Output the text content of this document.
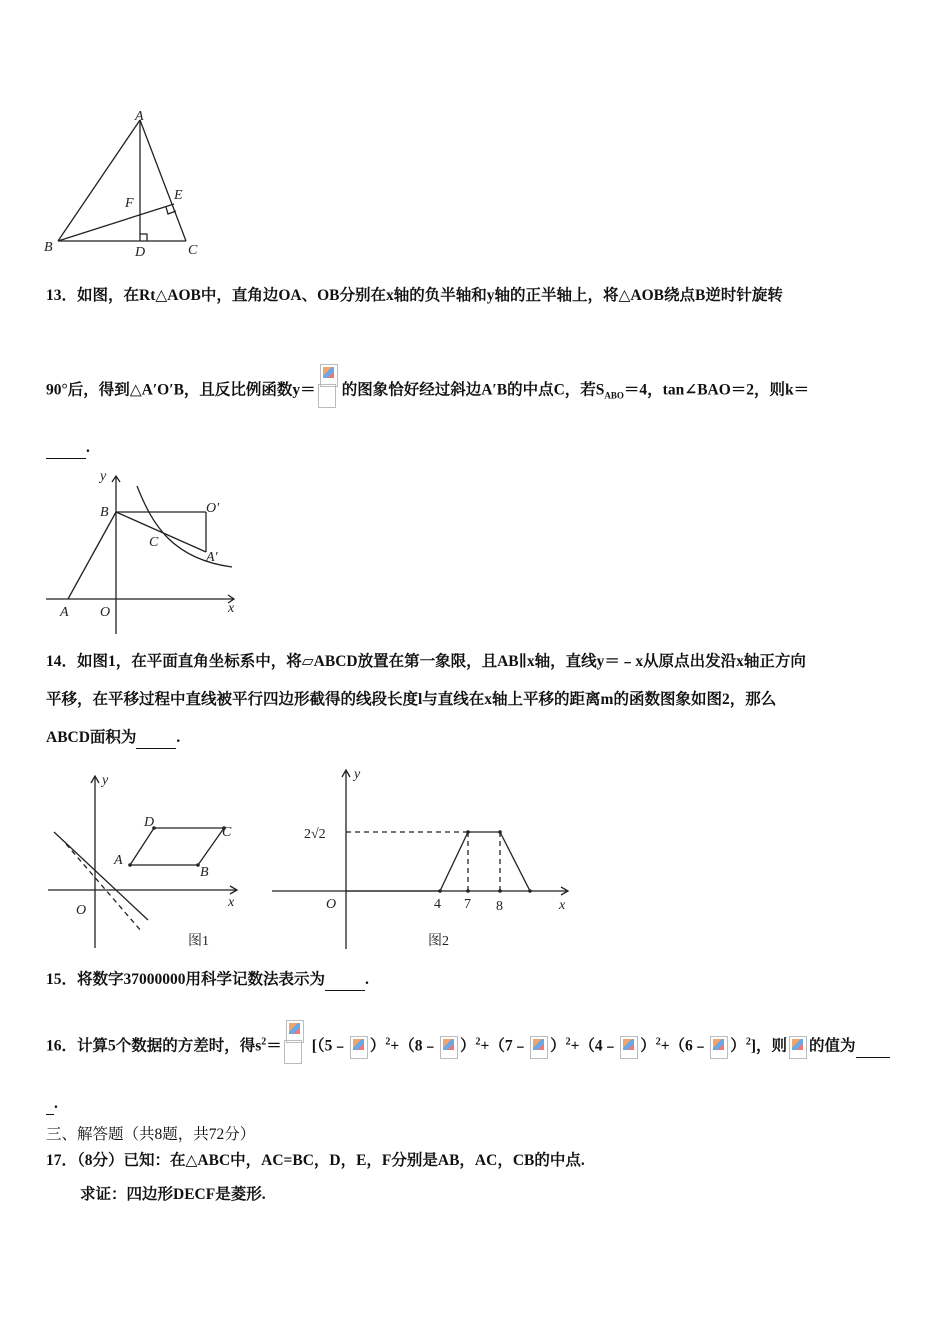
A
B	C
D
E
F
13．如图，在Rt△AOB中，直角边OA、OB分别在x轴的负半轴和y轴的正半轴上，将△AOB绕点B逆时针旋转
90°后，得到△A′O′B，且反比例函数y＝ 的图象恰好经过斜边A′B的中点C，若$S_{ABO}=4$，tan∠BAO＝2，则k＝
.
y
O′
B
C
A′
A O	x
14．如图1，在平面直角坐标系中，将▱ABCD放置在第一象限，且AB∥x轴，直线y＝﹣x从原点出发沿x轴正方向
平移，在平移过程中直线被平行四边形截得的线段长度l与直线在x轴上平移的距离m的函数图象如图2，那么
ABCD面积为	.
y
D
C
A
B
O
x
图1
y
2√2
O	4 7 8	x
图2
15．将数字37000000用科学记数法表示为	.
16．计算5个数据的方差时，得$s^2=$ [（5﹣ ）$^2$+（8﹣ ）$^2$+（7﹣ ）$^2$+（4﹣ ）$^2$+（6﹣ ）$^2$]，则 的值为
.
三、解答题（共8题，共72分）
17．（8分）已知：在△ABC中，AC=BC，D，E，F分别是AB，AC，CB的中点.
求证：四边形DECF是菱形.
